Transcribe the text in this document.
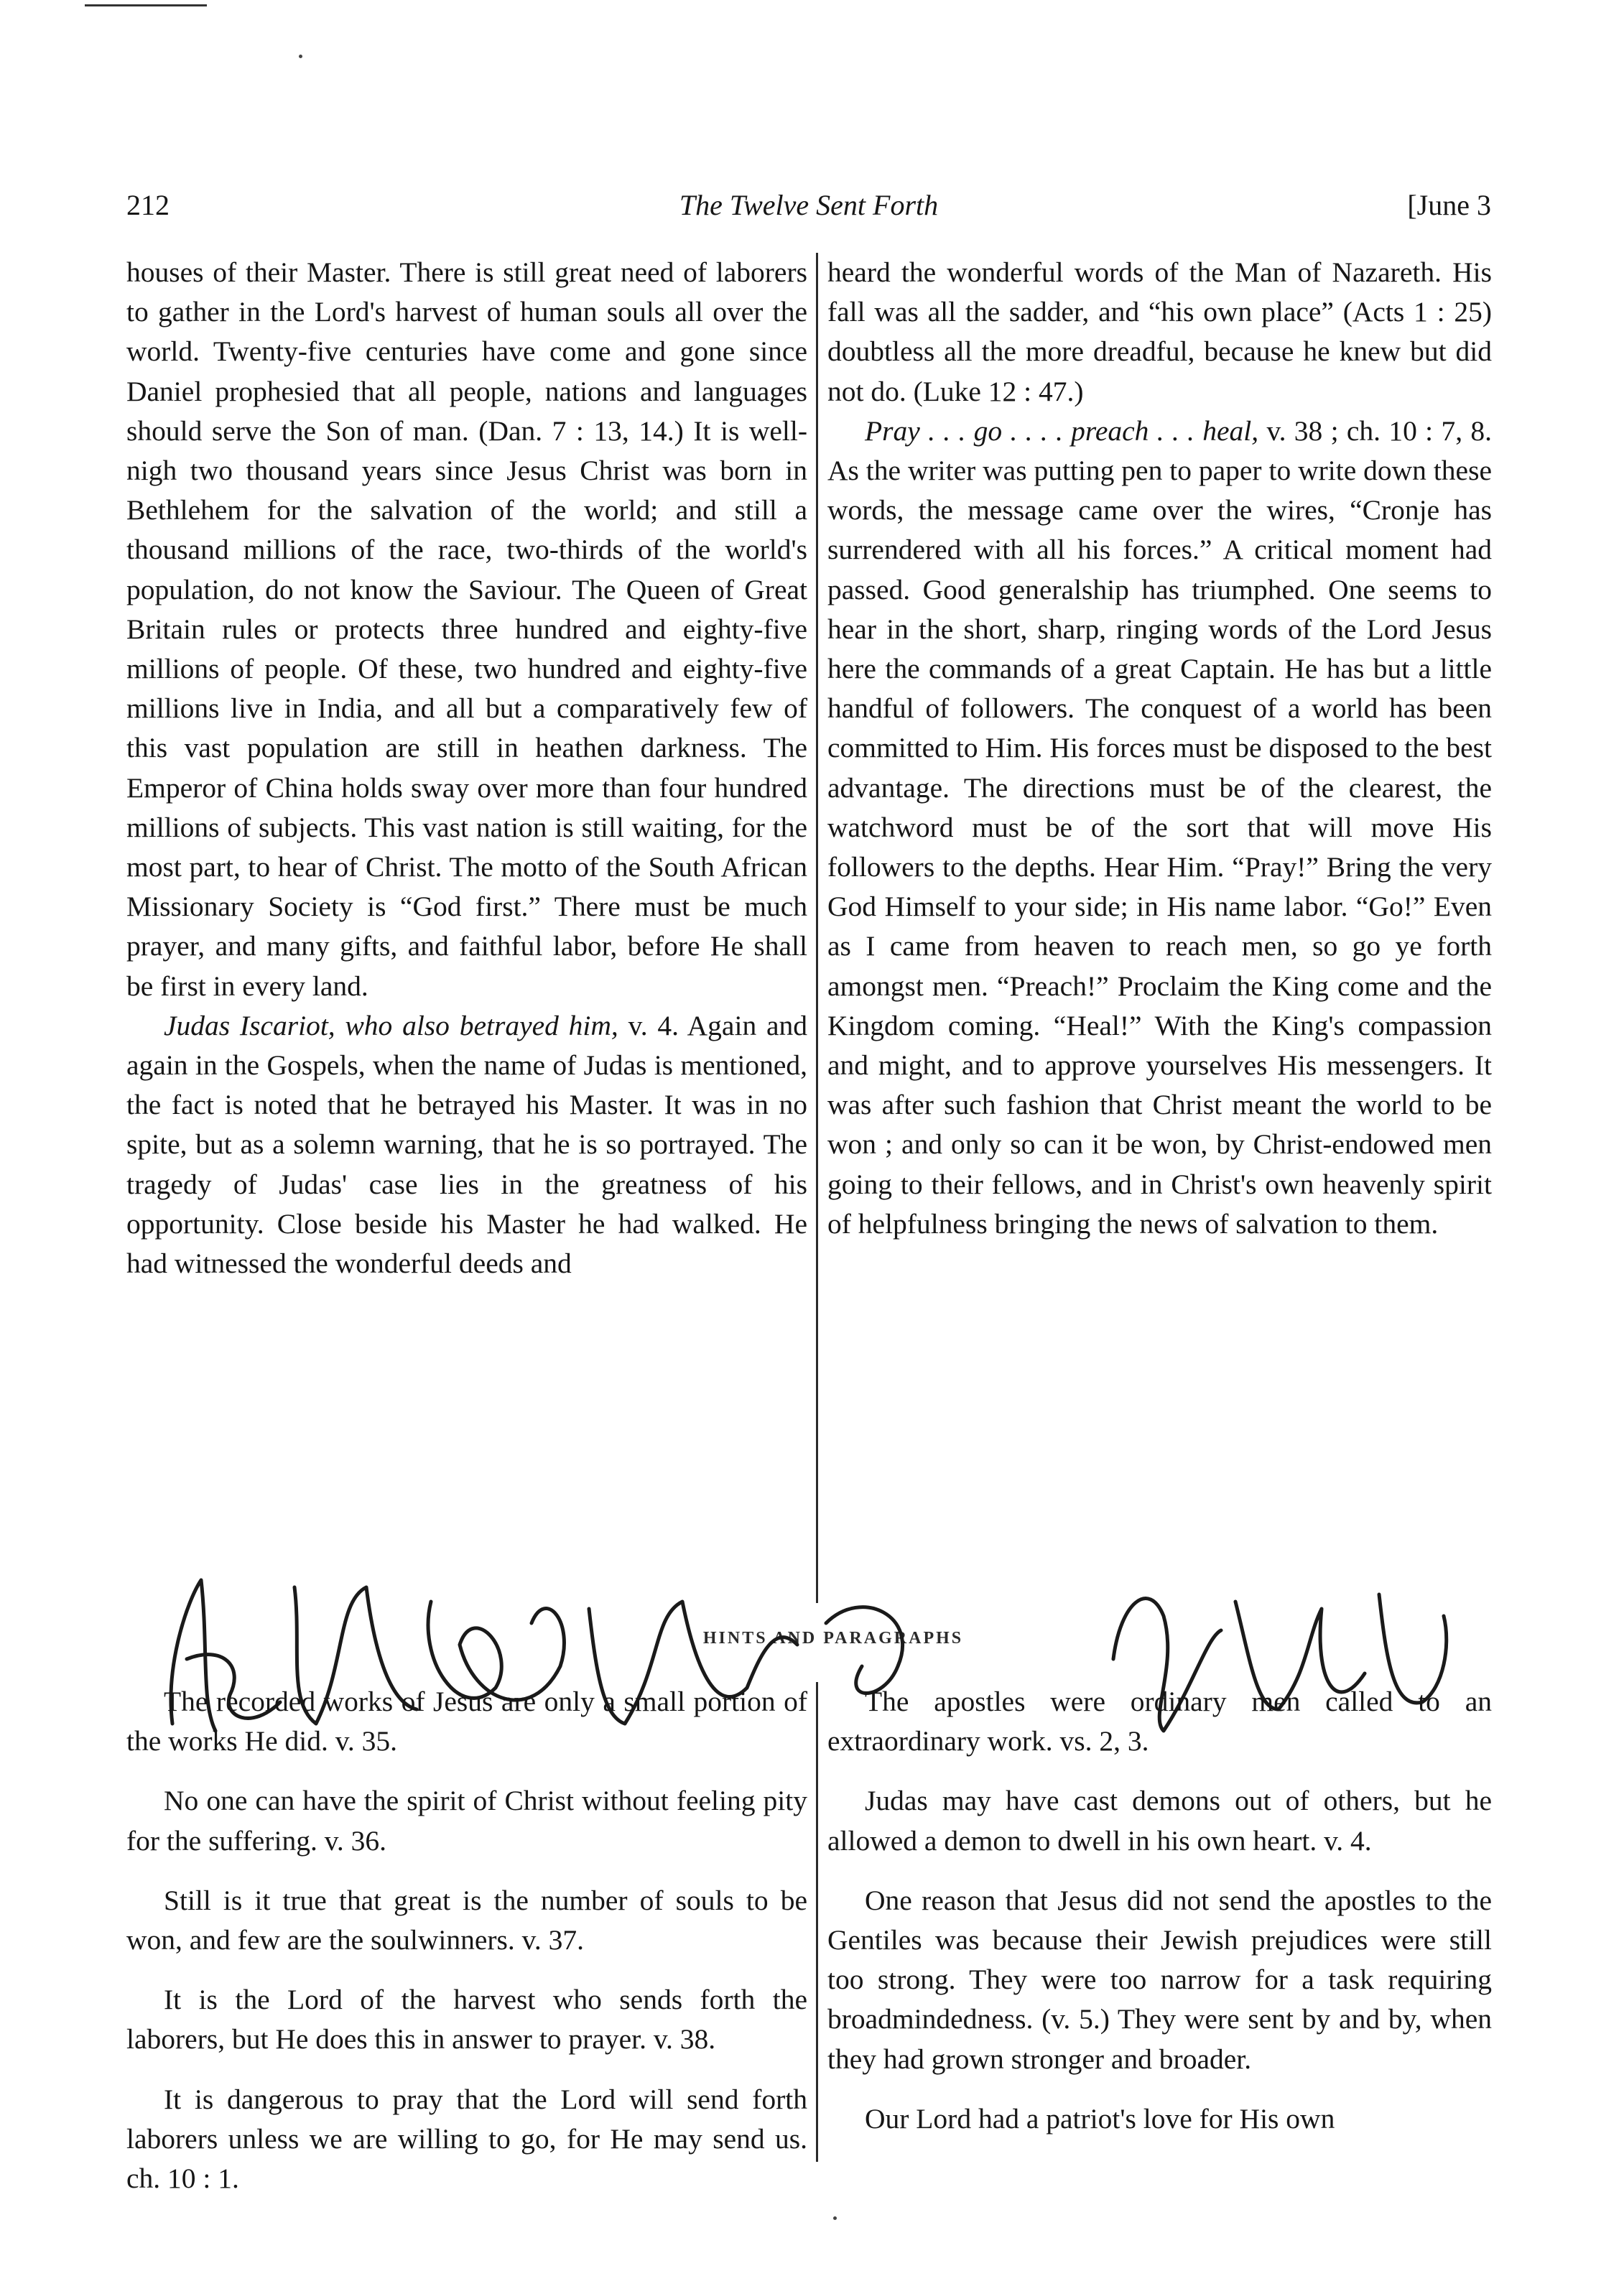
212	The Twelve Sent Forth	[June 3

houses of their Master. There is still great need of laborers to gather in the Lord's harvest of human souls all over the world. Twenty-five centuries have come and gone since Daniel prophesied that all people, nations and languages should serve the Son of man. (Dan. 7 : 13, 14.) It is well-nigh two thousand years since Jesus Christ was born in Bethlehem for the salvation of the world; and still a thousand millions of the race, two-thirds of the world's population, do not know the Saviour. The Queen of Great Britain rules or protects three hundred and eighty-five millions of people. Of these, two hundred and eighty-five millions live in India, and all but a comparatively few of this vast population are still in heathen darkness. The Emperor of China holds sway over more than four hundred millions of subjects. This vast nation is still waiting, for the most part, to hear of Christ. The motto of the South African Missionary Society is “God first.” There must be much prayer, and many gifts, and faithful labor, before He shall be first in every land.

Judas Iscariot, who also betrayed him, v. 4. Again and again in the Gospels, when the name of Judas is mentioned, the fact is noted that he betrayed his Master. It was in no spite, but as a solemn warning, that he is so portrayed. The tragedy of Judas' case lies in the greatness of his opportunity. Close beside his Master he had walked. He had witnessed the wonderful deeds and

heard the wonderful words of the Man of Nazareth. His fall was all the sadder, and “his own place” (Acts 1 : 25) doubtless all the more dreadful, because he knew but did not do. (Luke 12 : 47.)

Pray . . . go . . . . preach . . . heal, v. 38 ; ch. 10 : 7, 8. As the writer was putting pen to paper to write down these words, the message came over the wires, “Cronje has surrendered with all his forces.” A critical moment had passed. Good generalship has triumphed. One seems to hear in the short, sharp, ringing words of the Lord Jesus here the commands of a great Captain. He has but a little handful of followers. The conquest of a world has been committed to Him. His forces must be disposed to the best advantage. The directions must be of the clearest, the watchword must be of the sort that will move His followers to the depths. Hear Him. “Pray!” Bring the very God Himself to your side; in His name labor. “Go!” Even as I came from heaven to reach men, so go ye forth amongst men. “Preach!” Proclaim the King come and the Kingdom coming. “Heal!” With the King's compassion and might, and to approve yourselves His messengers. It was after such fashion that Christ meant the world to be won ; and only so can it be won, by Christ-endowed men going to their fellows, and in Christ's own heavenly spirit of helpfulness bringing the news of salvation to them.

HINTS AND PARAGRAPHS

The recorded works of Jesus are only a small portion of the works He did. v. 35.

No one can have the spirit of Christ without feeling pity for the suffering. v. 36.

Still is it true that great is the number of souls to be won, and few are the soulwinners. v. 37.

It is the Lord of the harvest who sends forth the laborers, but He does this in answer to prayer. v. 38.

It is dangerous to pray that the Lord will send forth laborers unless we are willing to go, for He may send us. ch. 10 : 1.

The apostles were ordinary men called to an extraordinary work. vs. 2, 3.

Judas may have cast demons out of others, but he allowed a demon to dwell in his own heart. v. 4.

One reason that Jesus did not send the apostles to the Gentiles was because their Jewish prejudices were still too strong. They were too narrow for a task requiring broadmindedness. (v. 5.) They were sent by and by, when they had grown stronger and broader.

Our Lord had a patriot's love for His own
